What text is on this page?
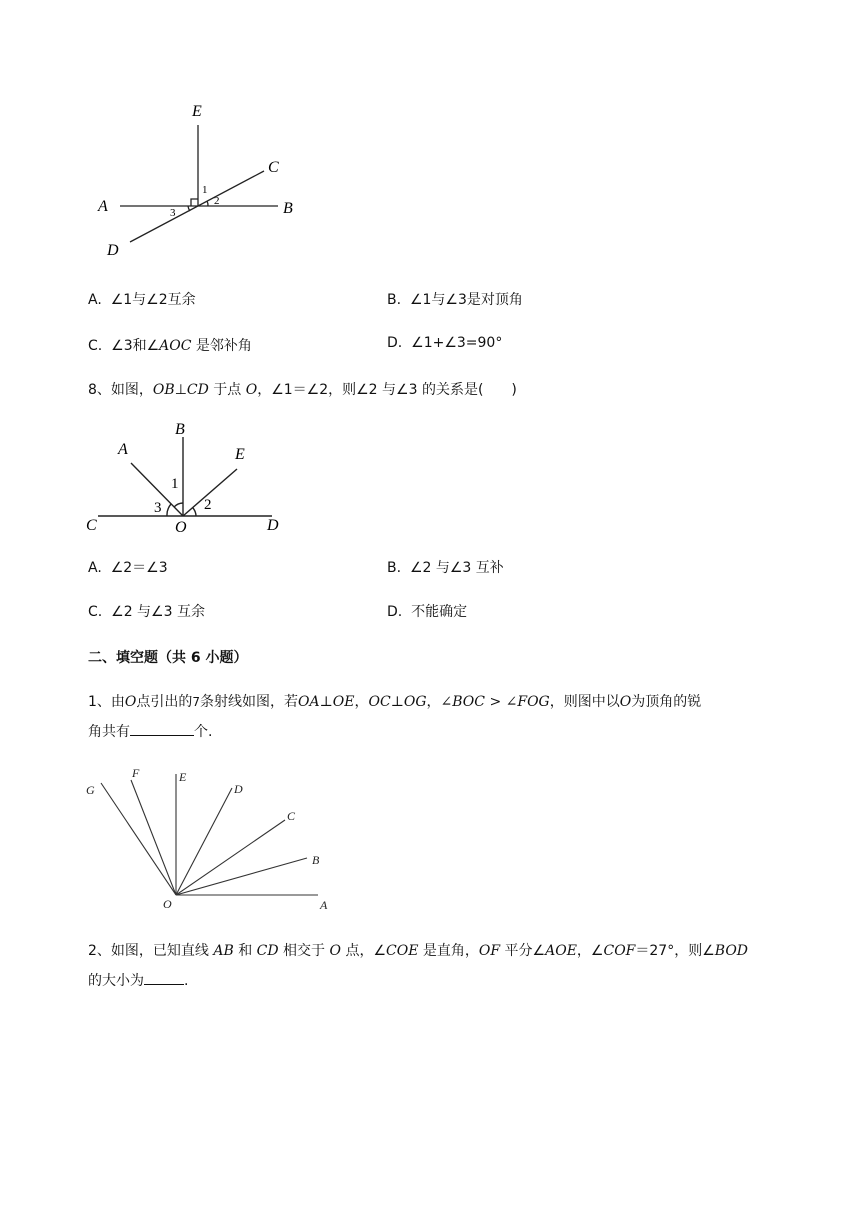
E
C
A	B
D
1
2
3
A. ∠1与∠2互余	B. ∠1与∠3是对顶角
C. ∠3和∠AOC 是邻补角	D. ∠1+∠3=90°
8、如图，OB⊥CD 于点 O，∠1＝∠2，则∠2 与∠3 的关系是(　　)
A
B
E
C	O	D
1
2
3
A. ∠2＝∠3	B. ∠2 与∠3 互补
C. ∠2 与∠3 互余	D. 不能确定
二、填空题（共 6 小题）
1、由O点引出的7条射线如图，若OA⊥OE，OC⊥OG，∠BOC > ∠FOG，则图中以O为顶角的锐
角共有	个.
G
F	E
D
C
B
O	A
2、如图，已知直线 AB 和 CD 相交于 O 点，∠COE 是直角，OF 平分∠AOE，∠COF＝27°，则∠BOD
的大小为	.
